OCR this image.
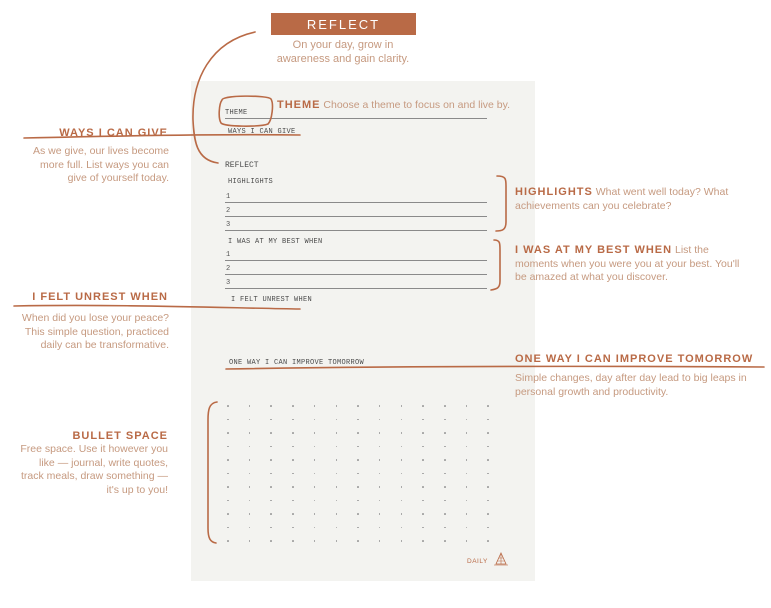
REFLECT
On your day, grow in awareness and gain clarity.
THEME
WAYS I CAN GIVE
REFLECT
HIGHLIGHTS
1
2
3
I WAS AT MY BEST WHEN
1
2
3
I FELT UNREST WHEN
ONE WAY I CAN IMPROVE TOMORROW
DAILY
THEME Choose a theme to focus on and live by.
WAYS I CAN GIVE
As we give, our lives become more full. List ways you can give of yourself today.
HIGHLIGHTS What went well today? What achievements can you celebrate?
I WAS AT MY BEST WHEN List the moments when you were you at your best. You'll be amazed at what you discover.
I FELT UNREST WHEN
When did you lose your peace? This simple question, practiced daily can be transformative.
ONE WAY I CAN IMPROVE TOMORROW
Simple changes, day after day lead to big leaps in personal growth and productivity.
BULLET SPACE
Free space. Use it however you like — journal, write quotes, track meals, draw something — it's up to you!
